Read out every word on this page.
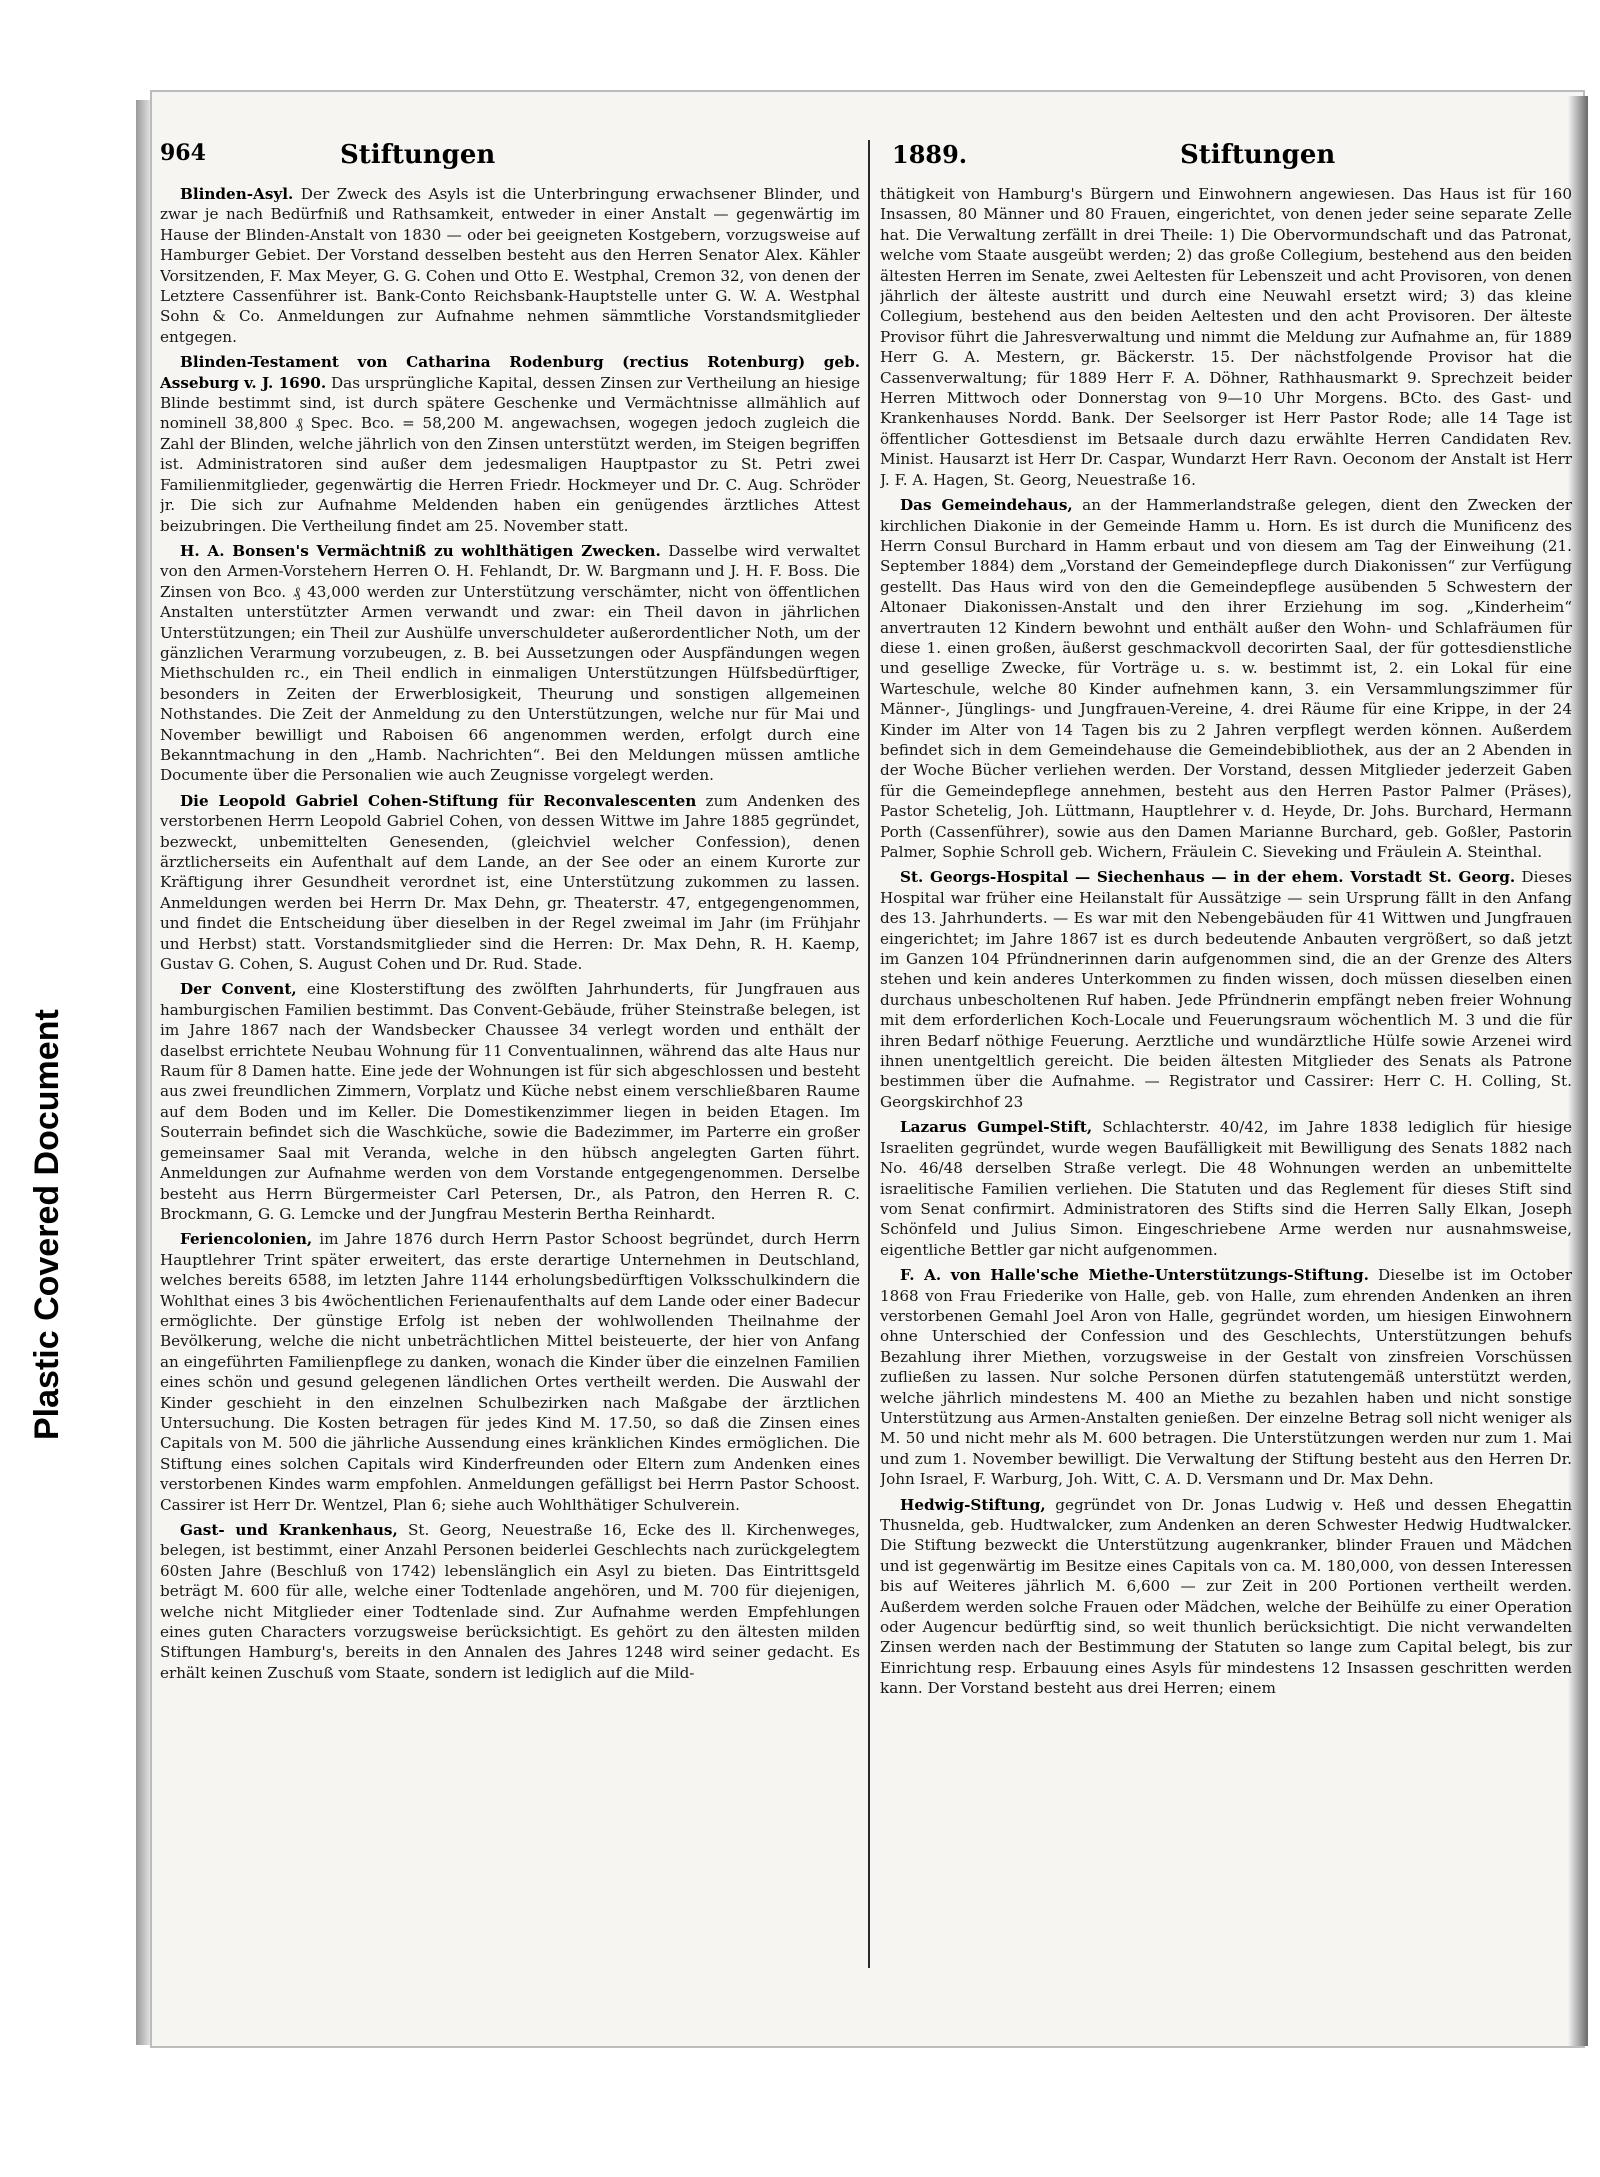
Plastic Covered Document
964	Stiftungen	1889.	Stiftungen

Blinden-Asyl. Der Zweck des Asyls ist die Unterbringung erwachsener Blinder, und zwar je nach Bedürfniß und Rathsamkeit, entweder in einer Anstalt — gegenwärtig im Hause der Blinden-Anstalt von 1830 — oder bei geeigneten Kostgebern, vorzugsweise auf Hamburger Gebiet. Der Vorstand desselben besteht aus den Herren Senator Alex. Kähler Vorsitzenden, F. Max Meyer, G. G. Cohen und Otto E. Westphal, Cremon 32, von denen der Letztere Cassenführer ist. Bank-Conto Reichsbank-Hauptstelle unter G. W. A. Westphal Sohn & Co. Anmeldungen zur Aufnahme nehmen sämmtliche Vorstandsmitglieder entgegen.

Blinden-Testament von Catharina Rodenburg (rectius Rotenburg) geb. Asseburg v. J. 1690. Das ursprüngliche Kapital, dessen Zinsen zur Vertheilung an hiesige Blinde bestimmt sind, ist durch spätere Geschenke und Vermächtnisse allmählich auf nominell 38,800 ₰ Spec. Bco. = 58,200 M. angewachsen, wogegen jedoch zugleich die Zahl der Blinden, welche jährlich von den Zinsen unterstützt werden, im Steigen begriffen ist. Administratoren sind außer dem jedesmaligen Hauptpastor zu St. Petri zwei Familienmitglieder, gegenwärtig die Herren Friedr. Hockmeyer und Dr. C. Aug. Schröder jr. Die sich zur Aufnahme Meldenden haben ein genügendes ärztliches Attest beizubringen. Die Vertheilung findet am 25. November statt.

H. A. Bonsen's Vermächtniß zu wohlthätigen Zwecken. Dasselbe wird verwaltet von den Armen-Vorstehern Herren O. H. Fehlandt, Dr. W. Bargmann und J. H. F. Boss. Die Zinsen von Bco. ₰ 43,000 werden zur Unterstützung verschämter, nicht von öffentlichen Anstalten unterstützter Armen verwandt und zwar: ein Theil davon in jährlichen Unterstützungen; ein Theil zur Aushülfe unverschuldeter außerordentlicher Noth, um der gänzlichen Verarmung vorzubeugen, z. B. bei Aussetzungen oder Auspfändungen wegen Miethschulden rc., ein Theil endlich in einmaligen Unterstützungen Hülfsbedürftiger, besonders in Zeiten der Erwerblosigkeit, Theurung und sonstigen allgemeinen Nothstandes. Die Zeit der Anmeldung zu den Unterstützungen, welche nur für Mai und November bewilligt und Raboisen 66 angenommen werden, erfolgt durch eine Bekanntmachung in den „Hamb. Nachrichten“. Bei den Meldungen müssen amtliche Documente über die Personalien wie auch Zeugnisse vorgelegt werden.

Die Leopold Gabriel Cohen-Stiftung für Reconvalescenten zum Andenken des verstorbenen Herrn Leopold Gabriel Cohen, von dessen Wittwe im Jahre 1885 gegründet, bezweckt, unbemittelten Genesenden, (gleichviel welcher Confession), denen ärztlicherseits ein Aufenthalt auf dem Lande, an der See oder an einem Kurorte zur Kräftigung ihrer Gesundheit verordnet ist, eine Unterstützung zukommen zu lassen. Anmeldungen werden bei Herrn Dr. Max Dehn, gr. Theaterstr. 47, entgegengenommen, und findet die Entscheidung über dieselben in der Regel zweimal im Jahr (im Frühjahr und Herbst) statt. Vorstandsmitglieder sind die Herren: Dr. Max Dehn, R. H. Kaemp, Gustav G. Cohen, S. August Cohen und Dr. Rud. Stade.

Der Convent, eine Klosterstiftung des zwölften Jahrhunderts, für Jungfrauen aus hamburgischen Familien bestimmt. Das Convent-Gebäude, früher Steinstraße belegen, ist im Jahre 1867 nach der Wandsbecker Chaussee 34 verlegt worden und enthält der daselbst errichtete Neubau Wohnung für 11 Conventualinnen, während das alte Haus nur Raum für 8 Damen hatte. Eine jede der Wohnungen ist für sich abgeschlossen und besteht aus zwei freundlichen Zimmern, Vorplatz und Küche nebst einem verschließbaren Raume auf dem Boden und im Keller. Die Domestikenzimmer liegen in beiden Etagen. Im Souterrain befindet sich die Waschküche, sowie die Badezimmer, im Parterre ein großer gemeinsamer Saal mit Veranda, welche in den hübsch angelegten Garten führt. Anmeldungen zur Aufnahme werden von dem Vorstande entgegengenommen. Derselbe besteht aus Herrn Bürgermeister Carl Petersen, Dr., als Patron, den Herren R. C. Brockmann, G. G. Lemcke und der Jungfrau Mesterin Bertha Reinhardt.

Feriencolonien, im Jahre 1876 durch Herrn Pastor Schoost begründet, durch Herrn Hauptlehrer Trint später erweitert, das erste derartige Unternehmen in Deutschland, welches bereits 6588, im letzten Jahre 1144 erholungsbedürftigen Volksschulkindern die Wohlthat eines 3 bis 4wöchentlichen Ferienaufenthalts auf dem Lande oder einer Badecur ermöglichte. Der günstige Erfolg ist neben der wohlwollenden Theilnahme der Bevölkerung, welche die nicht unbeträchtlichen Mittel beisteuerte, der hier von Anfang an eingeführten Familienpflege zu danken, wonach die Kinder über die einzelnen Familien eines schön und gesund gelegenen ländlichen Ortes vertheilt werden. Die Auswahl der Kinder geschieht in den einzelnen Schulbezirken nach Maßgabe der ärztlichen Untersuchung. Die Kosten betragen für jedes Kind M. 17.50, so daß die Zinsen eines Capitals von M. 500 die jährliche Aussendung eines kränklichen Kindes ermöglichen. Die Stiftung eines solchen Capitals wird Kinderfreunden oder Eltern zum Andenken eines verstorbenen Kindes warm empfohlen. Anmeldungen gefälligst bei Herrn Pastor Schoost. Cassirer ist Herr Dr. Wentzel, Plan 6; siehe auch Wohlthätiger Schulverein.

Gast- und Krankenhaus, St. Georg, Neuestraße 16, Ecke des ll. Kirchenweges, belegen, ist bestimmt, einer Anzahl Personen beiderlei Geschlechts nach zurückgelegtem 60sten Jahre (Beschluß von 1742) lebenslänglich ein Asyl zu bieten. Das Eintrittsgeld beträgt M. 600 für alle, welche einer Todtenlade angehören, und M. 700 für diejenigen, welche nicht Mitglieder einer Todtenlade sind. Zur Aufnahme werden Empfehlungen eines guten Characters vorzugsweise berücksichtigt. Es gehört zu den ältesten milden Stiftungen Hamburg's, bereits in den Annalen des Jahres 1248 wird seiner gedacht. Es erhält keinen Zuschuß vom Staate, sondern ist lediglich auf die Mild-

thätigkeit von Hamburg's Bürgern und Einwohnern angewiesen. Das Haus ist für 160 Insassen, 80 Männer und 80 Frauen, eingerichtet, von denen jeder seine separate Zelle hat. Die Verwaltung zerfällt in drei Theile: 1) Die Obervormundschaft und das Patronat, welche vom Staate ausgeübt werden; 2) das große Collegium, bestehend aus den beiden ältesten Herren im Senate, zwei Aeltesten für Lebenszeit und acht Provisoren, von denen jährlich der älteste austritt und durch eine Neuwahl ersetzt wird; 3) das kleine Collegium, bestehend aus den beiden Aeltesten und den acht Provisoren. Der älteste Provisor führt die Jahresverwaltung und nimmt die Meldung zur Aufnahme an, für 1889 Herr G. A. Mestern, gr. Bäckerstr. 15. Der nächstfolgende Provisor hat die Cassenverwaltung; für 1889 Herr F. A. Döhner, Rathhausmarkt 9. Sprechzeit beider Herren Mittwoch oder Donnerstag von 9—10 Uhr Morgens. BCto. des Gast- und Krankenhauses Nordd. Bank. Der Seelsorger ist Herr Pastor Rode; alle 14 Tage ist öffentlicher Gottesdienst im Betsaale durch dazu erwählte Herren Candidaten Rev. Minist. Hausarzt ist Herr Dr. Caspar, Wundarzt Herr Ravn. Oeconom der Anstalt ist Herr J. F. A. Hagen, St. Georg, Neuestraße 16.

Das Gemeindehaus, an der Hammerlandstraße gelegen, dient den Zwecken der kirchlichen Diakonie in der Gemeinde Hamm u. Horn. Es ist durch die Munificenz des Herrn Consul Burchard in Hamm erbaut und von diesem am Tag der Einweihung (21. September 1884) dem „Vorstand der Gemeindepflege durch Diakonissen“ zur Verfügung gestellt. Das Haus wird von den die Gemeindepflege ausübenden 5 Schwestern der Altonaer Diakonissen-Anstalt und den ihrer Erziehung im sog. „Kinderheim“ anvertrauten 12 Kindern bewohnt und enthält außer den Wohn- und Schlafräumen für diese 1. einen großen, äußerst geschmackvoll decorirten Saal, der für gottesdienstliche und gesellige Zwecke, für Vorträge u. s. w. bestimmt ist, 2. ein Lokal für eine Warteschule, welche 80 Kinder aufnehmen kann, 3. ein Versammlungszimmer für Männer-, Jünglings- und Jungfrauen-Vereine, 4. drei Räume für eine Krippe, in der 24 Kinder im Alter von 14 Tagen bis zu 2 Jahren verpflegt werden können. Außerdem befindet sich in dem Gemeindehause die Gemeindebibliothek, aus der an 2 Abenden in der Woche Bücher verliehen werden. Der Vorstand, dessen Mitglieder jederzeit Gaben für die Gemeindepflege annehmen, besteht aus den Herren Pastor Palmer (Präses), Pastor Schetelig, Joh. Lüttmann, Hauptlehrer v. d. Heyde, Dr. Johs. Burchard, Hermann Porth (Cassenführer), sowie aus den Damen Marianne Burchard, geb. Goßler, Pastorin Palmer, Sophie Schroll geb. Wichern, Fräulein C. Sieveking und Fräulein A. Steinthal.

St. Georgs-Hospital — Siechenhaus — in der ehem. Vorstadt St. Georg. Dieses Hospital war früher eine Heilanstalt für Aussätzige — sein Ursprung fällt in den Anfang des 13. Jahrhunderts. — Es war mit den Nebengebäuden für 41 Wittwen und Jungfrauen eingerichtet; im Jahre 1867 ist es durch bedeutende Anbauten vergrößert, so daß jetzt im Ganzen 104 Pfründnerinnen darin aufgenommen sind, die an der Grenze des Alters stehen und kein anderes Unterkommen zu finden wissen, doch müssen dieselben einen durchaus unbescholtenen Ruf haben. Jede Pfründnerin empfängt neben freier Wohnung mit dem erforderlichen Koch-Locale und Feuerungsraum wöchentlich M. 3 und die für ihren Bedarf nöthige Feuerung. Aerztliche und wundärztliche Hülfe sowie Arzenei wird ihnen unentgeltlich gereicht. Die beiden ältesten Mitglieder des Senats als Patrone bestimmen über die Aufnahme. — Registrator und Cassirer: Herr C. H. Colling, St. Georgskirchhof 23

Lazarus Gumpel-Stift, Schlachterstr. 40/42, im Jahre 1838 lediglich für hiesige Israeliten gegründet, wurde wegen Baufälligkeit mit Bewilligung des Senats 1882 nach No. 46/48 derselben Straße verlegt. Die 48 Wohnungen werden an unbemittelte israelitische Familien verliehen. Die Statuten und das Reglement für dieses Stift sind vom Senat confirmirt. Administratoren des Stifts sind die Herren Sally Elkan, Joseph Schönfeld und Julius Simon. Eingeschriebene Arme werden nur ausnahmsweise, eigentliche Bettler gar nicht aufgenommen.

F. A. von Halle'sche Miethe-Unterstützungs-Stiftung. Dieselbe ist im October 1868 von Frau Friederike von Halle, geb. von Halle, zum ehrenden Andenken an ihren verstorbenen Gemahl Joel Aron von Halle, gegründet worden, um hiesigen Einwohnern ohne Unterschied der Confession und des Geschlechts, Unterstützungen behufs Bezahlung ihrer Miethen, vorzugsweise in der Gestalt von zinsfreien Vorschüssen zufließen zu lassen. Nur solche Personen dürfen statutengemäß unterstützt werden, welche jährlich mindestens M. 400 an Miethe zu bezahlen haben und nicht sonstige Unterstützung aus Armen-Anstalten genießen. Der einzelne Betrag soll nicht weniger als M. 50 und nicht mehr als M. 600 betragen. Die Unterstützungen werden nur zum 1. Mai und zum 1. November bewilligt. Die Verwaltung der Stiftung besteht aus den Herren Dr. John Israel, F. Warburg, Joh. Witt, C. A. D. Versmann und Dr. Max Dehn.

Hedwig-Stiftung, gegründet von Dr. Jonas Ludwig v. Heß und dessen Ehegattin Thusnelda, geb. Hudtwalcker, zum Andenken an deren Schwester Hedwig Hudtwalcker. Die Stiftung bezweckt die Unterstützung augenkranker, blinder Frauen und Mädchen und ist gegenwärtig im Besitze eines Capitals von ca. M. 180,000, von dessen Interessen bis auf Weiteres jährlich M. 6,600 — zur Zeit in 200 Portionen vertheilt werden. Außerdem werden solche Frauen oder Mädchen, welche der Beihülfe zu einer Operation oder Augencur bedürftig sind, so weit thunlich berücksichtigt. Die nicht verwandelten Zinsen werden nach der Bestimmung der Statuten so lange zum Capital belegt, bis zur Einrichtung resp. Erbauung eines Asyls für mindestens 12 Insassen geschritten werden kann. Der Vorstand besteht aus drei Herren; einem
